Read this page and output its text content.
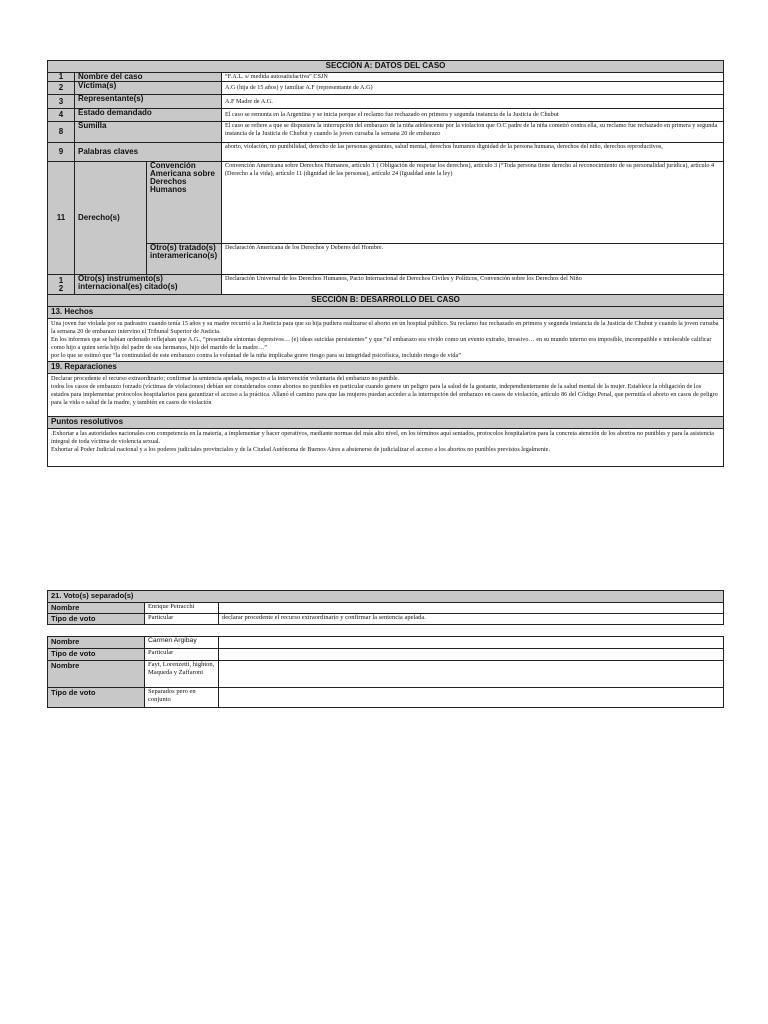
SECCIÓN A: DATOS DEL CASO			
1	Nombre del caso		“F.A.L. s/ medida autosatisfactiva” CSJN
2	Víctima(s)		A.G (hija de 15 años) y familiar A.F (representante de A.G)
3	Representante(s)		A.F Madre de A.G.
4	Estado demandado		El caso se remonta en la Argentina y se inicia porque el reclamo fue rechazado en primera y segunda instancia de la Justicia de Chubut
8	Sumilla		El caso se refiere a que se dispusiera la interrupción del embarazo de la niña adolescente por la violacion que O.C padre de la niña cometió contra ella, su reclamo fue rechazado en primera y segunda instancia de la Justicia de Chubut y cuando la joven cursaba la semana 20 de embarazo
9	Palabras claves		aborto, violación, no punibilidad, derecho de las personas gestantes, salud mental, derechos humanos dignidad de la persona humana, derechos del niño, derechos reproductivos,
11	Derecho(s)	Convención Americana sobre Derechos Humanos	Convención Americana sobre Derechos Humanos, artículo 1 ( Obligación de respetar los derechos), artículo 3 (“Toda persona tiene derecho al reconocimiento de su personalidad jurídica), artículo 4 (Derecho a la vida), artículo 11 (dignidad de las personas), artículo 24 (Igualdad ante la ley)
		Otro(s) tratado(s) interamericano(s)	Declaración Americana de los Derechos y Deberes del Hombre.
12	Otro(s) instrumento(s) internacional(es) citado(s)		Declaración Universal de los Derechos Humanos, Pacto Internacional de Derechos Civiles y Políticos, Convención sobre los Derechos del Niño
SECCIÓN B: DESARROLLO DEL CASO			
13. Hechos			

Una joven fue violada por su padrastro cuando tenía 15 años y su madre recurrió a la Justicia para que su hija pudiera realizarse el aborto en un hospital público. Su reclamo fue rechazado en primera y segunda instancia de la Justicia de Chubut y cuando la joven cursaba la semana 20 de embarazo intervino el Tribunal Superior de Justicia.
En los informes que se habían ordenado reflejaban que A.G., “presentaba síntomas depresivos… (e) ideas suicidas persistentes” y que “el embarazo era vivido como un evento extraño, invasivo… en su mundo interno era imposible, incompatible e intolerable calificar como hijo a quien sería hijo del padre de sus hermanos, hijo del marido de la madre…”
por lo que se estimó que “la continuidad de este embarazo contra la voluntad de la niña implicaba grave riesgo para su integridad psicofísica, incluido riesgo de vida”			

19. Reparaciones			

Declarar procedente el recurso extraordinario; confirmar la sentencia apelada, respecto a la intervención voluntaria del embarazo no punible.
todos los casos de embarazo forzado (víctimas de violaciones) debían ser considerados como abortos no punibles en particular cuando genere un peligro para la salud de la gestante, independientemente de la salud mental de la mujer. Establece la obligación de los estados para implementar protocolos hospitalarios para garantizar el acceso a la práctica. Allanó el camino para que las mujeres puedan acceder a la interrupción del embarazo en casos de violación, artículo 86 del Código Penal, que permitía el aborto en casos de peligro para la vida o salud de la madre, y también en casos de violación			

Puntos resolutivos			

.Exhortar a las autoridades nacionales con competencia en la materia, a implementar y hacer operativos, mediante normas del más alto nivel, en los términos aquí sentados, protocolos hospitalarios para la concreta atención de los abortos no punibles y para la asistencia integral de toda víctima de violencia sexual.
Exhortar al Poder Judicial nacional y a los poderes judiciales provinciales y de la Ciudad Autónoma de Buenos Aires a abstenerse de judicializar el acceso a los abortos no punibles previstos legalmente.			
21. Voto(s) separado(s)		
Nombre	Enrique Petracchi	
Tipo de voto	Particular	declarar procedente el recurso extraordinario y confirmar la sentencia apelada.
Nombre	Carmen Argibay	
Tipo de voto	Particular	
Nombre	Fayt, Lorenzetti, highton, Maqueda y Zaffaroni	
Tipo de voto	Separados pero en conjunto	
